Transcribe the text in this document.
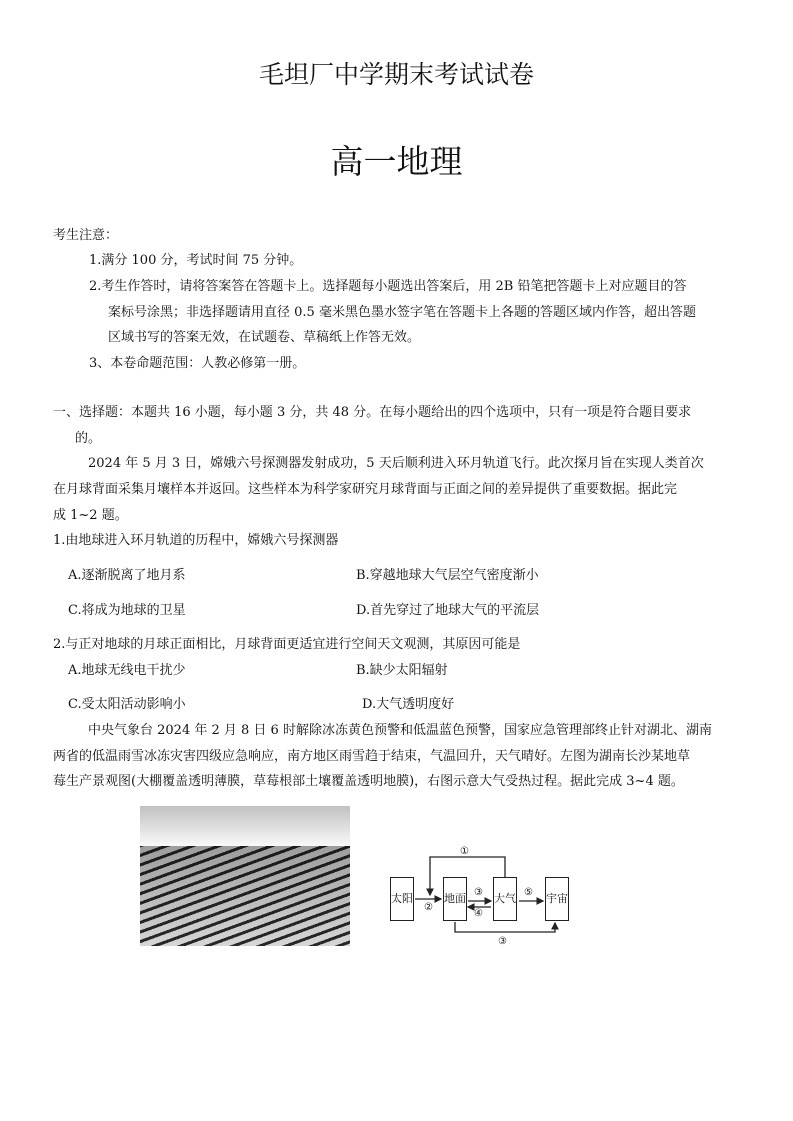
毛坦厂中学期末考试试卷
高一地理
考生注意：
1.满分 100 分，考试时间 75 分钟。
2.考生作答时，请将答案答在答题卡上。选择题每小题选出答案后，用 2B 铅笔把答题卡上对应题目的答
案标号涂黑；非选择题请用直径 0.5 毫米黑色墨水签字笔在答题卡上各题的答题区域内作答，超出答题
区域书写的答案无效，在试题卷、草稿纸上作答无效。
3、本卷命题范围：人教必修第一册。
一、选择题：本题共 16 小题，每小题 3 分，共 48 分。在每小题给出的四个选项中，只有一项是符合题目要求
的。
2024 年 5 月 3 日，嫦娥六号探测器发射成功，5 天后顺利进入环月轨道飞行。此次探月旨在实现人类首次
在月球背面采集月壤样本并返回。这些样本为科学家研究月球背面与正面之间的差异提供了重要数据。据此完
成 1~2 题。
1.由地球进入环月轨道的历程中，嫦娥六号探测器
A.逐渐脱离了地月系	B.穿越地球大气层空气密度渐小
C.将成为地球的卫星	D.首先穿过了地球大气的平流层
2.与正对地球的月球正面相比，月球背面更适宜进行空间天文观测，其原因可能是
A.地球无线电干扰少	B.缺少太阳辐射
C.受太阳活动影响小	D.大气透明度好
中央气象台 2024 年 2 月 8 日 6 时解除冰冻黄色预警和低温蓝色预警，国家应急管理部终止针对湖北、湖南
两省的低温雨雪冰冻灾害四级应急响应，南方地区雨雪趋于结束，气温回升，天气晴好。左图为湖南长沙某地草
莓生产景观图(大棚覆盖透明薄膜，草莓根部土壤覆盖透明地膜)，右图示意大气受热过程。据此完成 3~4 题。
太阳	地面	大气	宇宙
①
②
③
④
⑤
③
